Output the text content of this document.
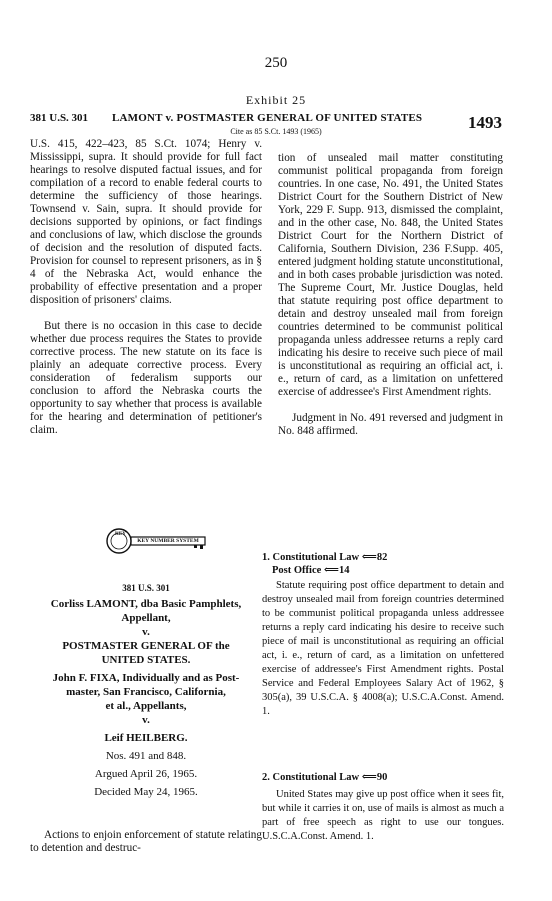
250
Exhibit 25
381 U.S. 301 LAMONT v. POSTMASTER GENERAL OF UNITED STATES	1493
Cite as 85 S.Ct. 1493 (1965)

U.S. 415, 422–423, 85 S.Ct. 1074; Henry v. Mississippi, supra. It should provide for full fact hearings to resolve disputed factual issues, and for compilation of a record to enable federal courts to determine the sufficiency of those hearings. Townsend v. Sain, supra. It should provide for decisions supported by opinions, or fact findings and conclusions of law, which disclose the grounds of decision and the resolution of disputed facts. Provision for counsel to represent prisoners, as in § 4 of the Nebraska Act, would enhance the probability of effective presentation and a proper disposition of prisoners' claims.

But there is no occasion in this case to decide whether due process requires the States to provide corrective process. The new statute on its face is plainly an adequate corrective process. Every consideration of federalism supports our conclusion to afford the Nebraska courts the opportunity to say whether that process is available for the hearing and determination of petitioner's claim.

KEY
KEY NUMBER SYSTEM
381 U.S. 301
Corliss LAMONT, dba Basic Pamphlets,
Appellant,
v.
POSTMASTER GENERAL OF the
UNITED STATES.
John F. FIXA, Individually and as Post-
master, San Francisco, California,
et al., Appellants,
v.
Leif HEILBERG.
Nos. 491 and 848.
Argued April 26, 1965.
Decided May 24, 1965.
Actions to enjoin enforcement of statute relating to detention and destruc-

tion of unsealed mail matter constituting communist political propaganda from foreign countries. In one case, No. 491, the United States District Court for the Southern District of New York, 229 F. Supp. 913, dismissed the complaint, and in the other case, No. 848, the United States District Court for the Northern District of California, Southern Division, 236 F.Supp. 405, entered judgment holding statute unconstitutional, and in both cases probable jurisdiction was noted. The Supreme Court, Mr. Justice Douglas, held that statute requiring post office department to detain and destroy unsealed mail from foreign countries determined to be communist political propaganda unless addressee returns a reply card indicating his desire to receive such piece of mail is unconstitutional as requiring an official act, i. e., return of card, as a limitation on unfettered exercise of addressee's First Amendment rights.

Judgment in No. 491 reversed and judgment in No. 848 affirmed.

1. Constitutional Law ⟸82
Post Office ⟸14

Statute requiring post office department to detain and destroy unsealed mail from foreign countries determined to be communist political propaganda unless addressee returns a reply card indicating his desire to receive such piece of mail is unconstitutional as requiring an official act, i. e., return of card, as a limitation on unfettered exercise of addressee's First Amendment rights. Postal Service and Federal Employees Salary Act of 1962, § 305(a), 39 U.S.C.A. § 4008(a); U.S.C.A.Const. Amend. 1.

2. Constitutional Law ⟸90

United States may give up post office when it sees fit, but while it carries it on, use of mails is almost as much a part of free speech as right to use our tongues. U.S.C.A.Const. Amend. 1.
